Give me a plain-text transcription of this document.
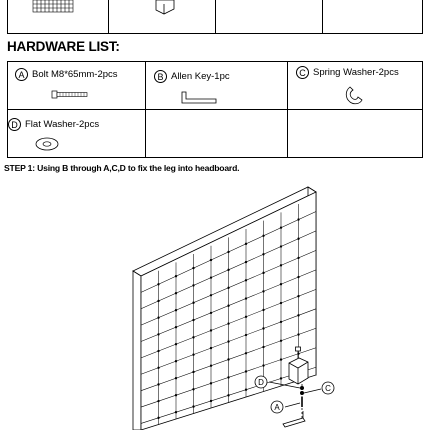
HARDWARE LIST:
A Bolt M8*65mm-2pcs	B Allen Key-1pc	C Spring Washer-2pcs
D Flat Washer-2pcs
STEP 1: Using B through A,C,D to fix the leg into headboard.
D
C
A
